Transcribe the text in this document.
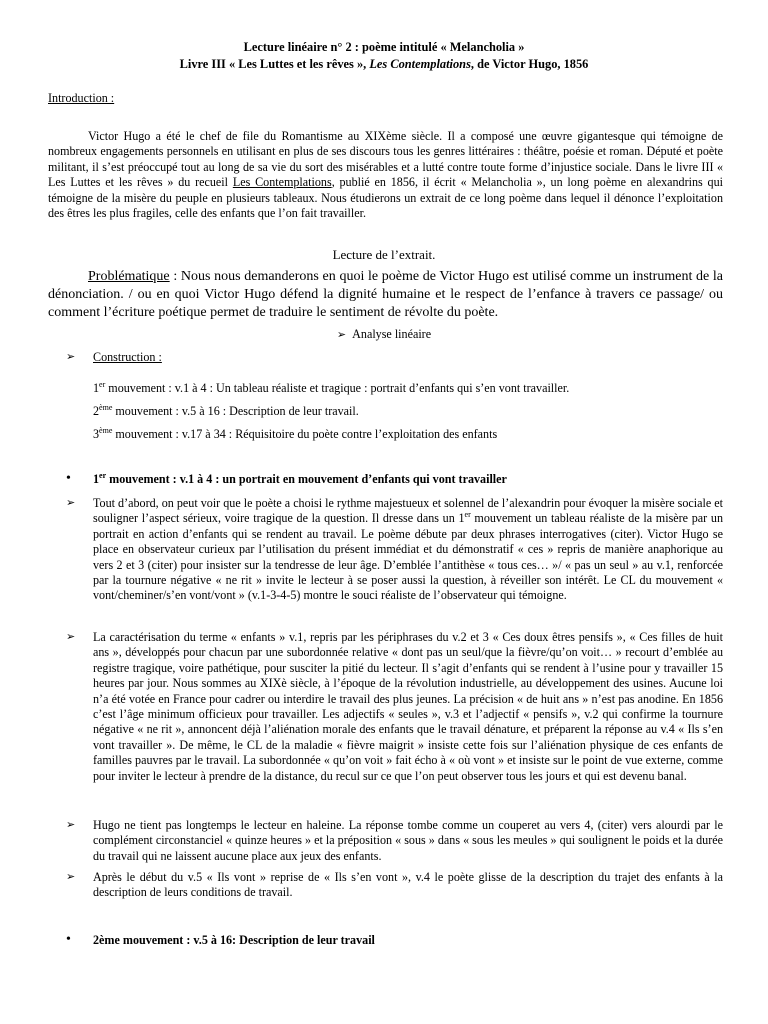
Lecture linéaire n° 2 : poème intitulé « Melancholia »
Livre III « Les Luttes et les rêves », Les Contemplations, de Victor Hugo, 1856
Introduction :

Victor Hugo a été le chef de file du Romantisme au XIXème siècle. Il a composé une œuvre gigantesque qui témoigne de nombreux engagements personnels en utilisant en plus de ses discours tous les genres littéraires : théâtre, poésie et roman. Député et poète militant, il s’est préoccupé tout au long de sa vie du sort des misérables et a lutté contre toute forme d’injustice sociale. Dans le livre III « Les Luttes et les rêves » du recueil Les Contemplations, publié en 1856, il écrit « Melancholia », un long poème en alexandrins qui témoigne de la misère du peuple en plusieurs tableaux. Nous étudierons un extrait de ce long poème dans lequel il dénonce l’exploitation des êtres les plus fragiles, celle des enfants que l’on fait travailler.

Lecture de l’extrait.

Problématique : Nous nous demanderons en quoi le poème de Victor Hugo est utilisé comme un instrument de la dénonciation. / ou en quoi Victor Hugo défend la dignité humaine et le respect de l’enfance à travers ce passage/ ou comment l’écriture poétique permet de traduire le sentiment de révolte du poète.

➢ Analyse linéaire
➢ Construction :
1er mouvement : v.1 à 4 : Un tableau réaliste et tragique : portrait d’enfants qui s’en vont travailler.
2ème mouvement : v.5 à 16 : Description de leur travail.
3ème mouvement : v.17 à 34 : Réquisitoire du poète contre l’exploitation des enfants
• 1er mouvement : v.1 à 4 : un portrait en mouvement d’enfants qui vont travailler
➢ Tout d’abord, on peut voir que le poète a choisi le rythme majestueux et solennel de l’alexandrin pour évoquer la misère sociale et souligner l’aspect sérieux, voire tragique de la question. Il dresse dans un 1er mouvement un tableau réaliste de la misère par un portrait en action d’enfants qui se rendent au travail. Le poème débute par deux phrases interrogatives (citer). Victor Hugo se place en observateur curieux par l’utilisation du présent immédiat et du démonstratif « ces » repris de manière anaphorique au vers 2 et 3 (citer) pour insister sur la tendresse de leur âge. D’emblée l’antithèse « tous ces… »/ « pas un seul » au v.1, renforcée par la tournure négative « ne rit » invite le lecteur à se poser aussi la question, à réveiller son intérêt. Le CL du mouvement « vont/cheminer/s’en vont/vont » (v.1-3-4-5) montre le souci réaliste de l’observateur qui témoigne.

➢ La caractérisation du terme « enfants » v.1, repris par les périphrases du v.2 et 3 « Ces doux êtres pensifs », « Ces filles de huit ans », développés pour chacun par une subordonnée relative « dont pas un seul/que la fièvre/qu’on voit… » recourt d’emblée au registre tragique, voire pathétique, pour susciter la pitié du lecteur. Il s’agit d’enfants qui se rendent à l’usine pour y travailler 15 heures par jour. Nous sommes au XIXè siècle, à l’époque de la révolution industrielle, au développement des usines. Aucune loi n’a été votée en France pour cadrer ou interdire le travail des plus jeunes. La précision « de huit ans » n’est pas anodine. En 1856 c’est l’âge minimum officieux pour travailler. Les adjectifs « seules », v.3 et l’adjectif « pensifs », v.2 qui confirme la tournure négative « ne rit », annoncent déjà l’aliénation morale des enfants que le travail dénature, et préparent la réponse au v.4 « Ils s’en vont travailler ». De même, le CL de la maladie « fièvre maigrit » insiste cette fois sur l’aliénation physique de ces enfants de familles pauvres par le travail. La subordonnée « qu’on voit » fait écho à « où vont » et insiste sur le point de vue externe, comme pour inviter le lecteur à prendre de la distance, du recul sur ce que l’on peut observer tous les jours et qui est devenu banal.

➢ Hugo ne tient pas longtemps le lecteur en haleine. La réponse tombe comme un couperet au vers 4, (citer) vers alourdi par le complément circonstanciel « quinze heures » et la préposition « sous » dans « sous les meules » qui soulignent le poids et la durée du travail qui ne laissent aucune place aux jeux des enfants.

➢ Après le début du v.5 « Ils vont » reprise de « Ils s’en vont », v.4 le poète glisse de la description du trajet des enfants à la description de leurs conditions de travail.

• 2ème mouvement : v.5 à 16: Description de leur travail
